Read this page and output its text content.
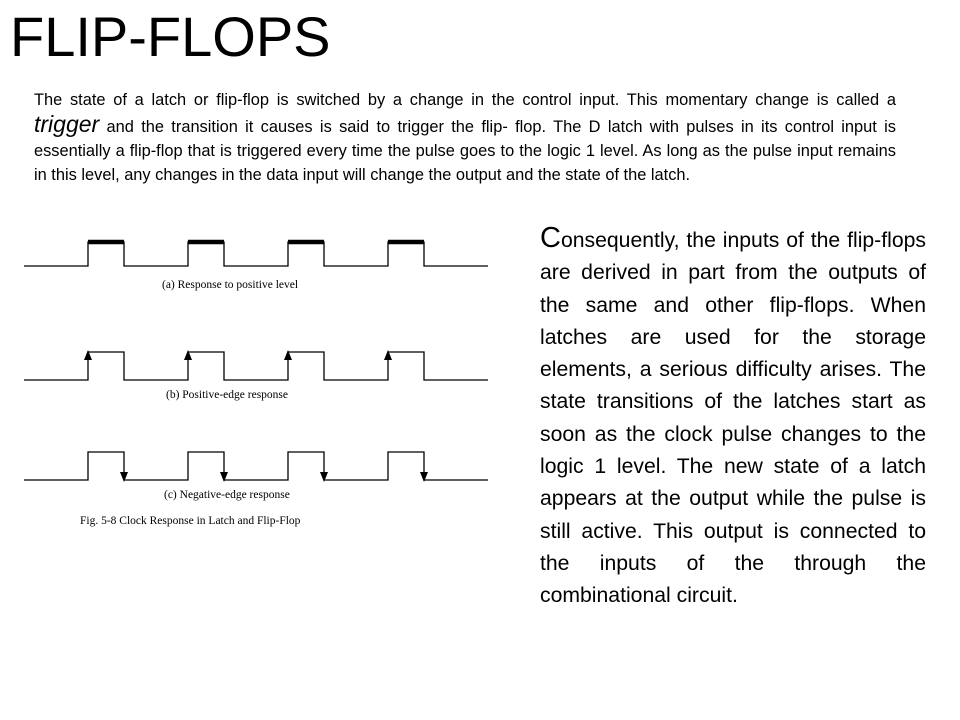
FLIP-FLOPS
The state of a latch or flip-flop is switched by a change in the control input. This momentary change is called a trigger and the transition it causes is said to trigger the flip- flop. The D latch with pulses in its control input is essentially a flip-flop that is triggered every time the pulse goes to the logic 1 level. As long as the pulse input remains in this level, any changes in the data input will change the output and the state of the latch.
(a) Response to positive level
(b) Positive-edge response
(c) Negative-edge response
Fig. 5-8 Clock Response in Latch and Flip-Flop
Consequently, the inputs of the flip-flops are derived in part from the outputs of the same and other flip-flops. When latches are used for the storage elements, a serious difficulty arises. The state transitions of the latches start as soon as the clock pulse changes to the logic 1 level. The new state of a latch appears at the output while the pulse is still active. This output is connected to the inputs of the through the combinational circuit.
